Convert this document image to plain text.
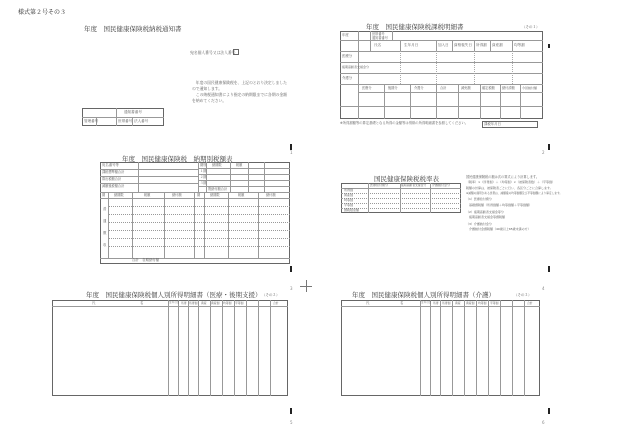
様式第２号その３
年度　国民健康保険税納税通知書
宛名個人番号又は法人番号
　年度の国民健康保険税を、上記のとおり決定しましたので通知します。
　この納税通知書により指定の納期限までに各期の金額を納めてください。
通知書番号
管理番号	世帯番号 法人番号
年度　国民健康保険税課税明細書	（その１）
年度	世帯番号
通知書番号
氏名	生年月日	加入日 資格喪失日 所得割 資産割	均等割
医療分
後期高齢者支援金分
介護分
医療分	後期分	介護分	合計	減免額	確定税額 納付済額 今回納付額
※所得割額等の算定基礎となる所得の金額等は別紙の所得明細書を参照してください。	課税年月日
年度　国民健康保険税　納期別税額表
宛名番号等
課税標準額合計
算出税額合計
減額後税額合計
期別 納期限	税額
１期
２期
３期
既納付額合計
期	納期限	税額	納付額	期	納期限	税額	納付額
普
通
徴
収
合計　各期納付額
国民健康保険税税率表
医療給付費分	後期高齢者支援金分 介護納付金分
所得割
資産割
均等割
平等割
課税限度額
国民健康保険税の額は次の算式により計算します。
（税率）×（所得割）＋（均等割）×（被保険者数）＋（平等割）
税額の計算は、被保険者ごとに行い、各区分ごとに合算します。
※減額の適用がある世帯は、減額後の均等割額及び平等割額により算定します。
（1）医療給付費分
　基礎課税額（所得割額＋均等割額＋平等割額）
（2）後期高齢者支援金等分
　後期高齢者支援金等課税額
（3）介護納付金分
　介護納付金課税額（40歳以上65歳未満の方）
年度　国民健康保険税個人別所得明細書（医療・後期支援） （その２）
氏	名	生年月日 所得 所得割 資産 資産割 均等割 平等割	合計
年度　国民健康保険税個人別所得明細書（介護）	（その３）
氏	名	生年月日 所得 所得割 資産 資産割 均等割 平等割	合計
1	2
3	4
5	6
